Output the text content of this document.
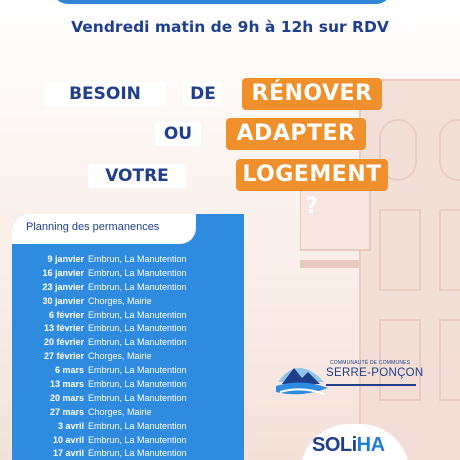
Vendredi matin de 9h à 12h sur RDV
BESOIN	DE	RÉNOVER
OU	ADAPTER
VOTRE	LOGEMENT ?
Planning des permanences
9 janvier Embrun, La Manutention
16 janvier Embrun, La Manutention
23 janvier Embrun, La Manutention
30 janvier Chorges, Mairie
6 février Embrun, La Manutention
13 février Embrun, La Manutention
20 février Embrun, La Manutention
27 février Chorges, Mairie
6 mars Embrun, La Manutention
13 mars Embrun, La Manutention
20 mars Embrun, La Manutention
27 mars Chorges, Mairie
3 avril Embrun, La Manutention
10 avril Embrun, La Manutention
17 avril Embrun, La Manutention
COMMUNAUTÉ DE COMMUNES
SERRE-PONÇON
SOLiHA
